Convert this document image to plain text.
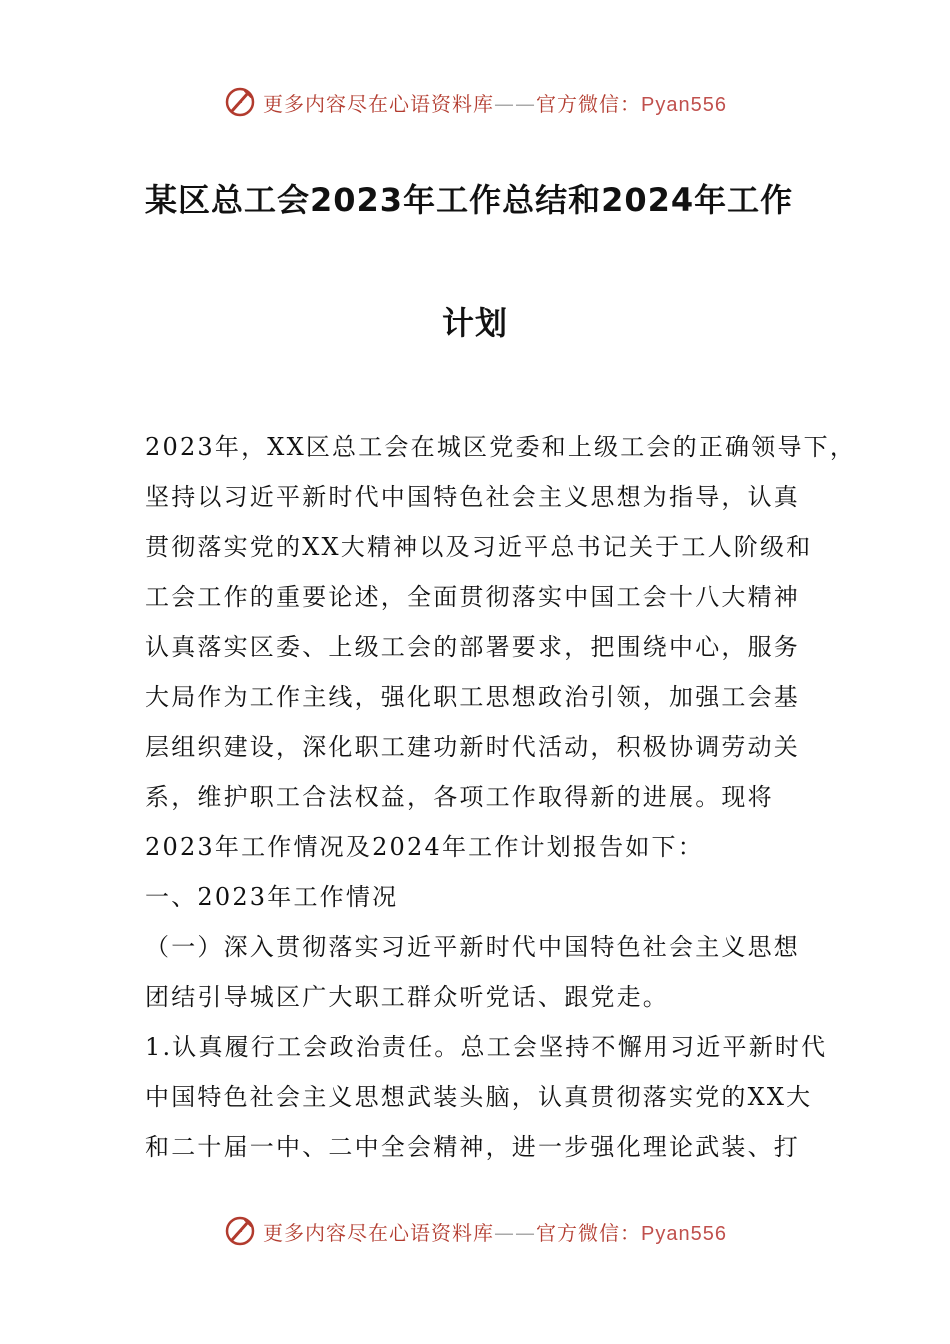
更多内容尽在心语资料库——官方微信：Pyan556
某区总工会2023年工作总结和2024年工作
计划
2023年，XX区总工会在城区党委和上级工会的正确领导下，
坚持以习近平新时代中国特色社会主义思想为指导，认真
贯彻落实党的XX大精神以及习近平总书记关于工人阶级和
工会工作的重要论述，全面贯彻落实中国工会十八大精神
认真落实区委、上级工会的部署要求，把围绕中心，服务
大局作为工作主线，强化职工思想政治引领，加强工会基
层组织建设，深化职工建功新时代活动，积极协调劳动关
系，维护职工合法权益，各项工作取得新的进展。现将
2023年工作情况及2024年工作计划报告如下：
一、2023年工作情况
（一）深入贯彻落实习近平新时代中国特色社会主义思想
团结引导城区广大职工群众听党话、跟党走。
1.认真履行工会政治责任。总工会坚持不懈用习近平新时代
中国特色社会主义思想武装头脑，认真贯彻落实党的XX大
和二十届一中、二中全会精神，进一步强化理论武装、打
更多内容尽在心语资料库——官方微信：Pyan556
